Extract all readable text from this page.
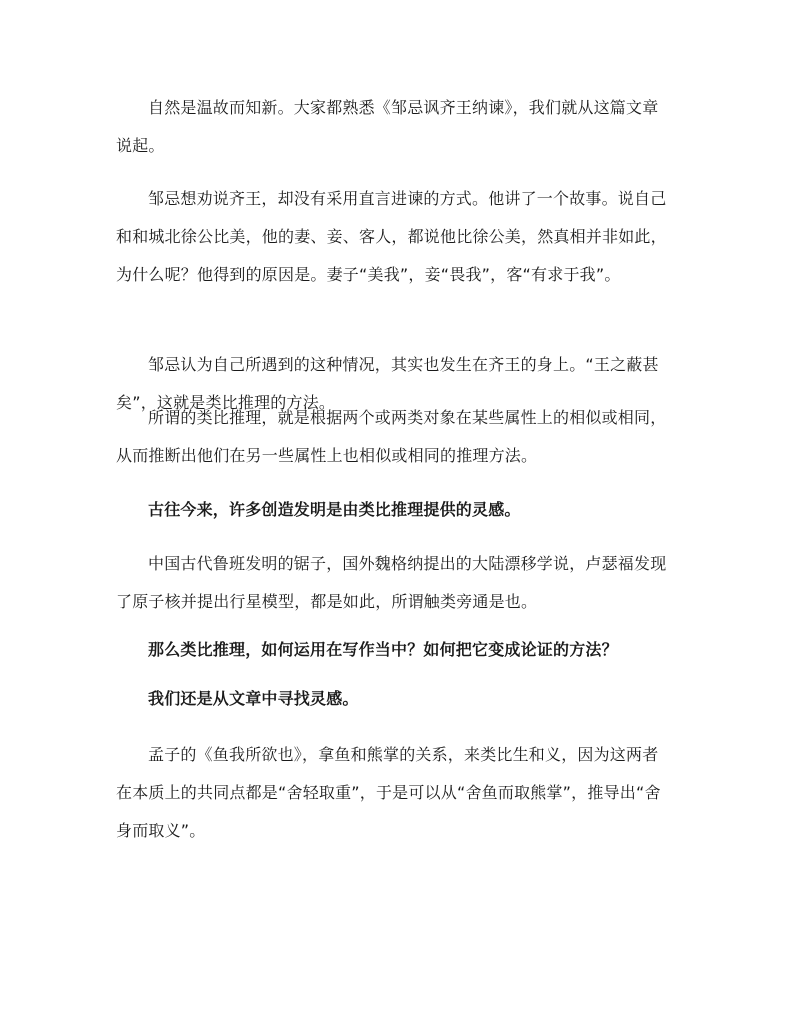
自然是温故而知新。大家都熟悉《邹忌讽齐王纳谏》，我们就从这篇文章说起。

邹忌想劝说齐王，却没有采用直言进谏的方式。他讲了一个故事。说自己和和城北徐公比美，他的妻、妾、客人，都说他比徐公美，然真相并非如此，为什么呢？他得到的原因是。妻子“美我”，妾“畏我”，客“有求于我”。

邹忌认为自己所遇到的这种情况，其实也发生在齐王的身上。“王之蔽甚矣”，这就是类比推理的方法。

所谓的类比推理，就是根据两个或两类对象在某些属性上的相似或相同，从而推断出他们在另一些属性上也相似或相同的推理方法。

古往今来，许多创造发明是由类比推理提供的灵感。

中国古代鲁班发明的锯子，国外魏格纳提出的大陆漂移学说，卢瑟福发现了原子核并提出行星模型，都是如此，所谓触类旁通是也。

那么类比推理，如何运用在写作当中？如何把它变成论证的方法？

我们还是从文章中寻找灵感。

孟子的《鱼我所欲也》，拿鱼和熊掌的关系，来类比生和义，因为这两者在本质上的共同点都是“舍轻取重”，于是可以从“舍鱼而取熊掌”，推导出“舍身而取义”。
